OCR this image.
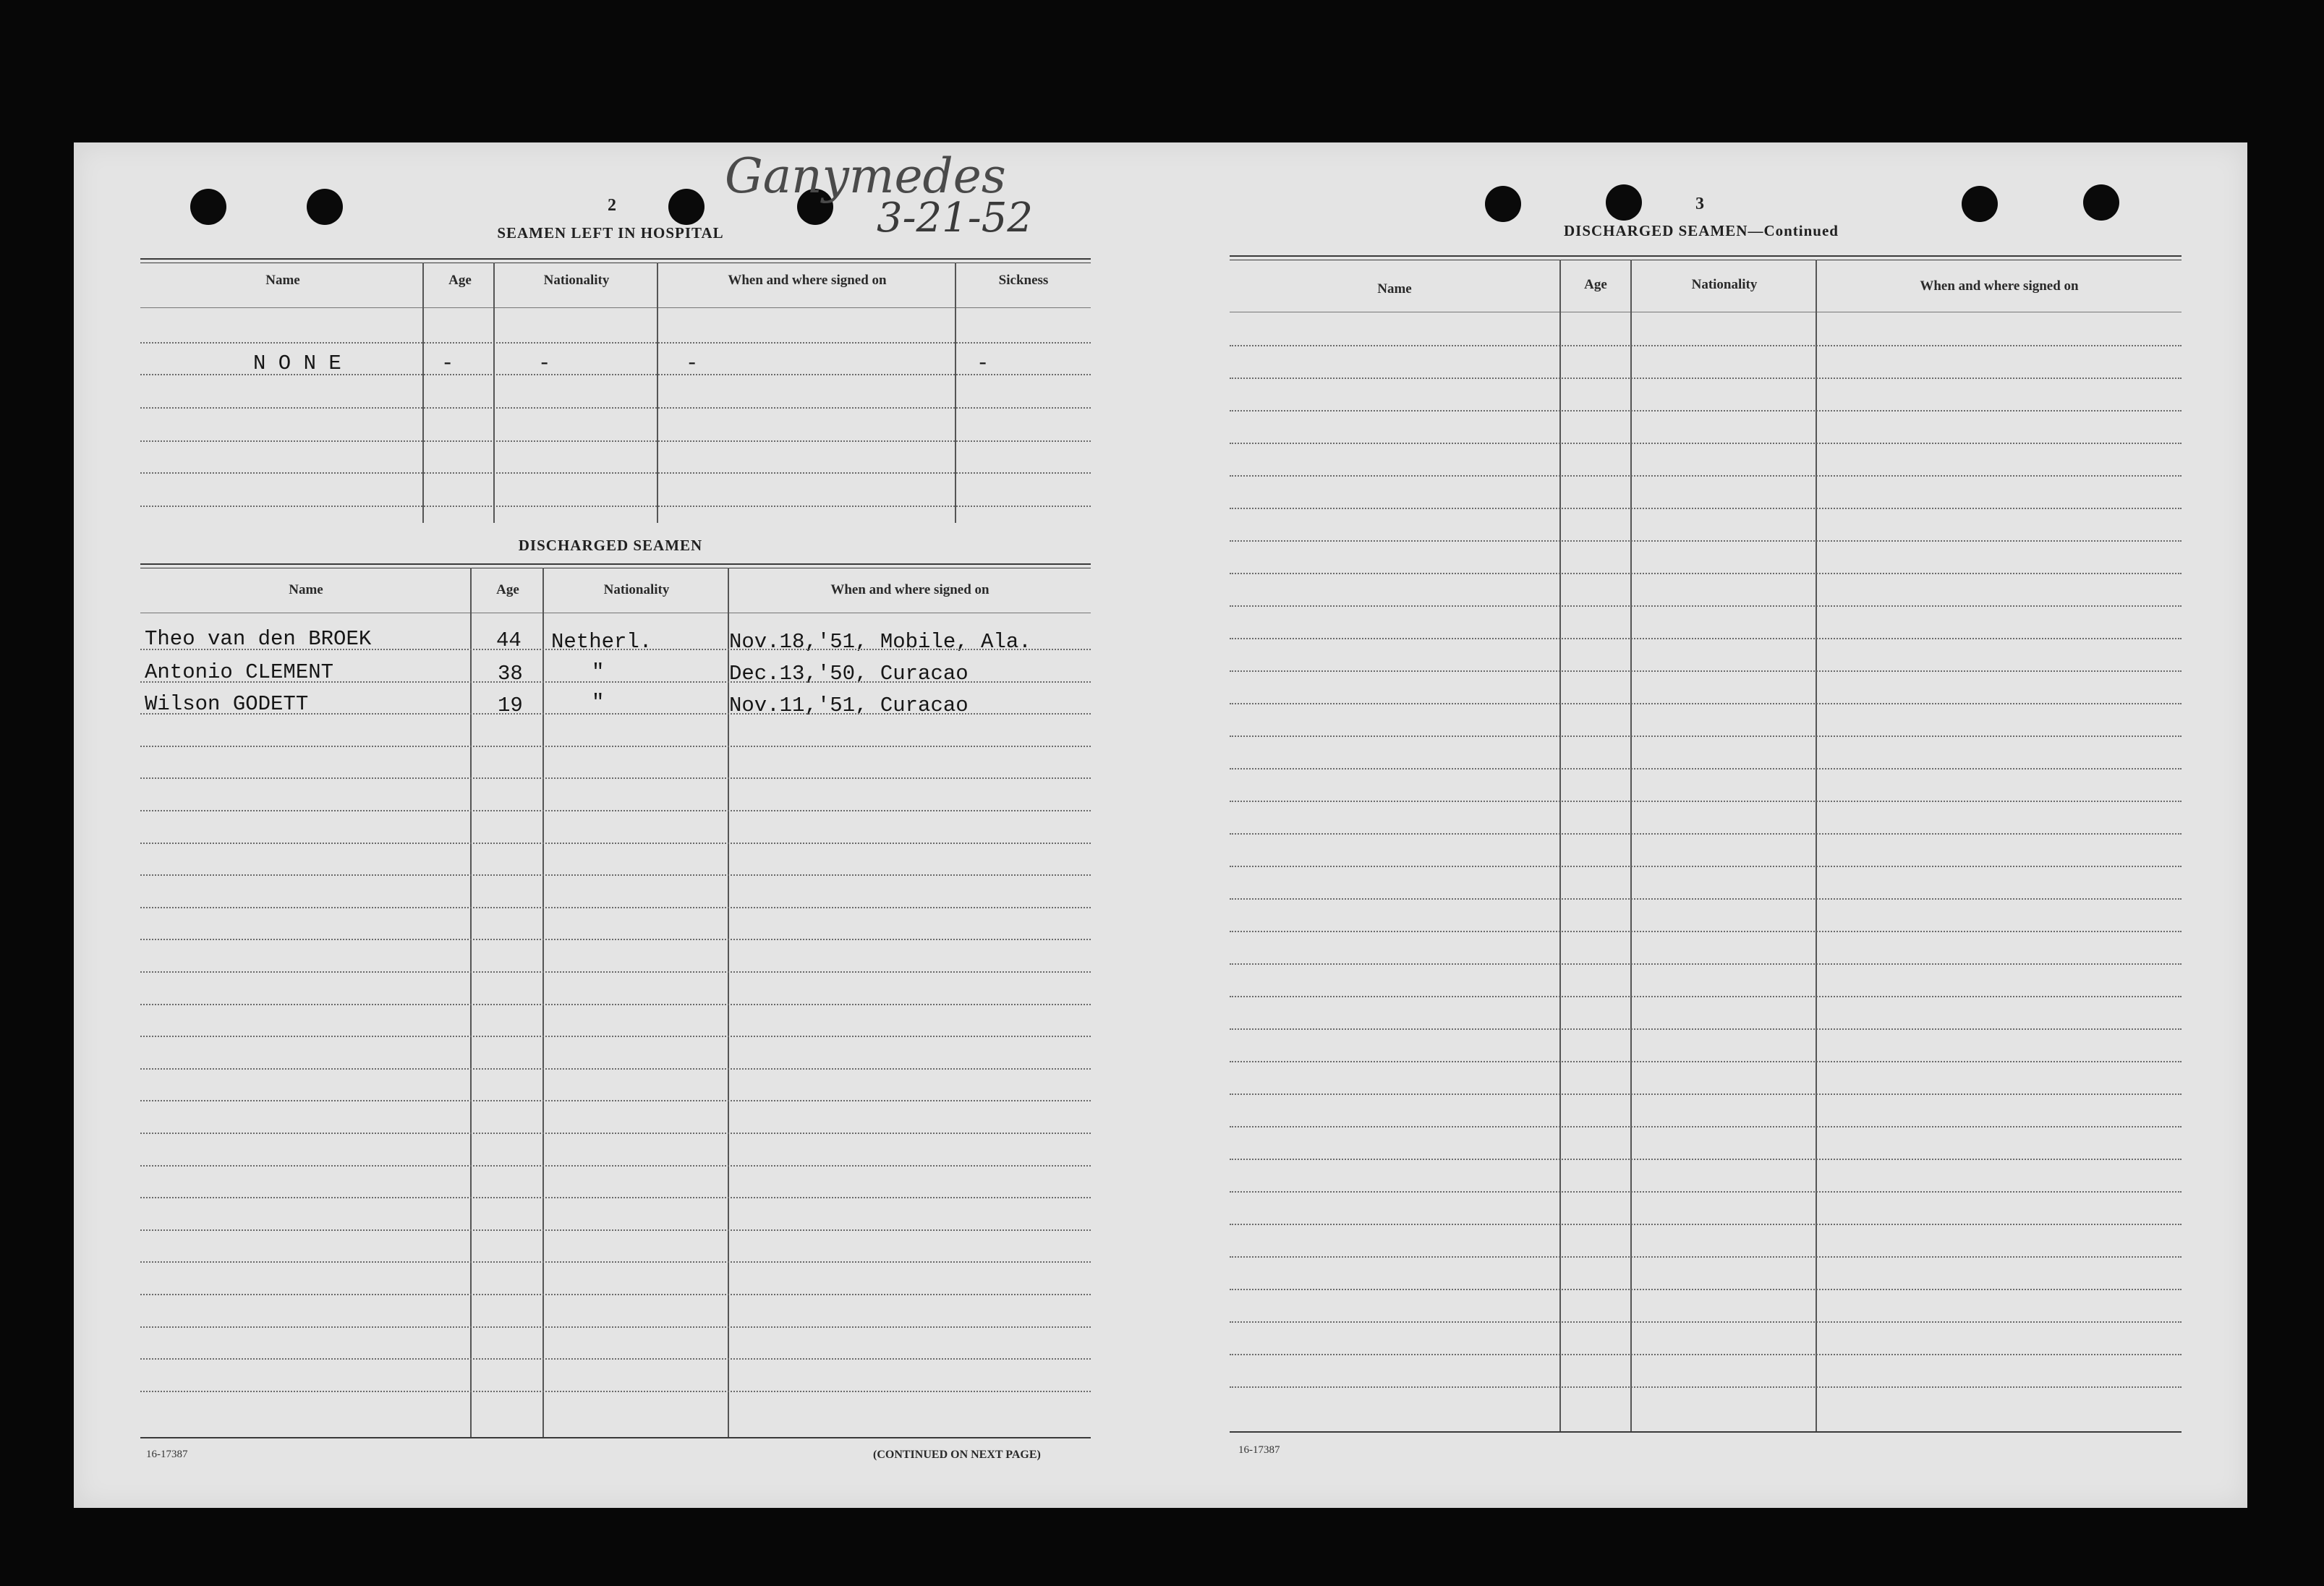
Ganymedes
3-21-52
2
SEAMEN LEFT IN HOSPITAL
Name	Age	Nationality	When and where signed on	Sickness
N O N E	-	-	-	-
DISCHARGED SEAMEN
Name	Age	Nationality	When and where signed on
Theo van den BROEK	44 Netherl.	Nov.18,'51, Mobile, Ala.
Antonio CLEMENT	38	"	Dec.13,'50, Curacao
Wilson GODETT	19	"	Nov.11,'51, Curacao
16-17387	(CONTINUED ON NEXT PAGE)
3
DISCHARGED SEAMEN—Continued
Name	Age	Nationality	When and where signed on
16-17387
